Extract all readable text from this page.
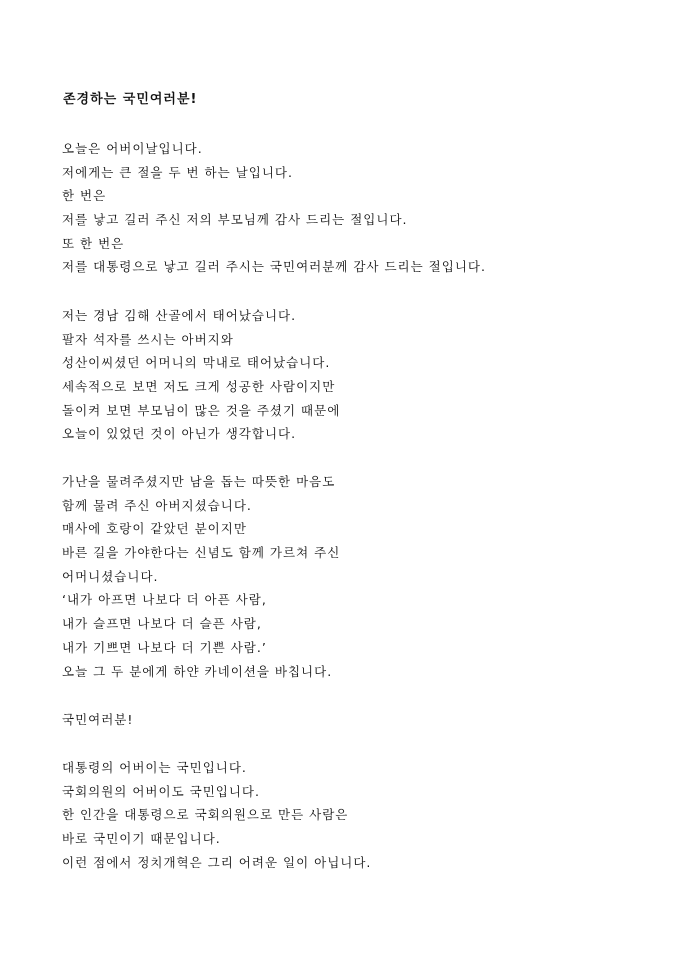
존경하는 국민여러분!
오늘은 어버이날입니다.
저에게는 큰 절을 두 번 하는 날입니다.
한 번은
저를 낳고 길러 주신 저의 부모님께 감사 드리는 절입니다.
또 한 번은
저를 대통령으로 낳고 길러 주시는 국민여러분께 감사 드리는 절입니다.
저는 경남 김해 산골에서 태어났습니다.
팔자 석자를 쓰시는 아버지와
성산이씨셨던 어머니의 막내로 태어났습니다.
세속적으로 보면 저도 크게 성공한 사람이지만
돌이켜 보면 부모님이 많은 것을 주셨기 때문에
오늘이 있었던 것이 아닌가 생각합니다.
가난을 물려주셨지만 남을 돕는 따뜻한 마음도
함께 물려 주신 아버지셨습니다.
매사에 호랑이 같았던 분이지만
바른 길을 가야한다는 신념도 함께 가르쳐 주신
어머니셨습니다.
‘내가 아프면 나보다 더 아픈 사람,
내가 슬프면 나보다 더 슬픈 사람,
내가 기쁘면 나보다 더 기쁜 사람.’
오늘 그 두 분에게 하얀 카네이션을 바칩니다.
국민여러분!
대통령의 어버이는 국민입니다.
국회의원의 어버이도 국민입니다.
한 인간을 대통령으로 국회의원으로 만든 사람은
바로 국민이기 때문입니다.
이런 점에서 정치개혁은 그리 어려운 일이 아닙니다.
